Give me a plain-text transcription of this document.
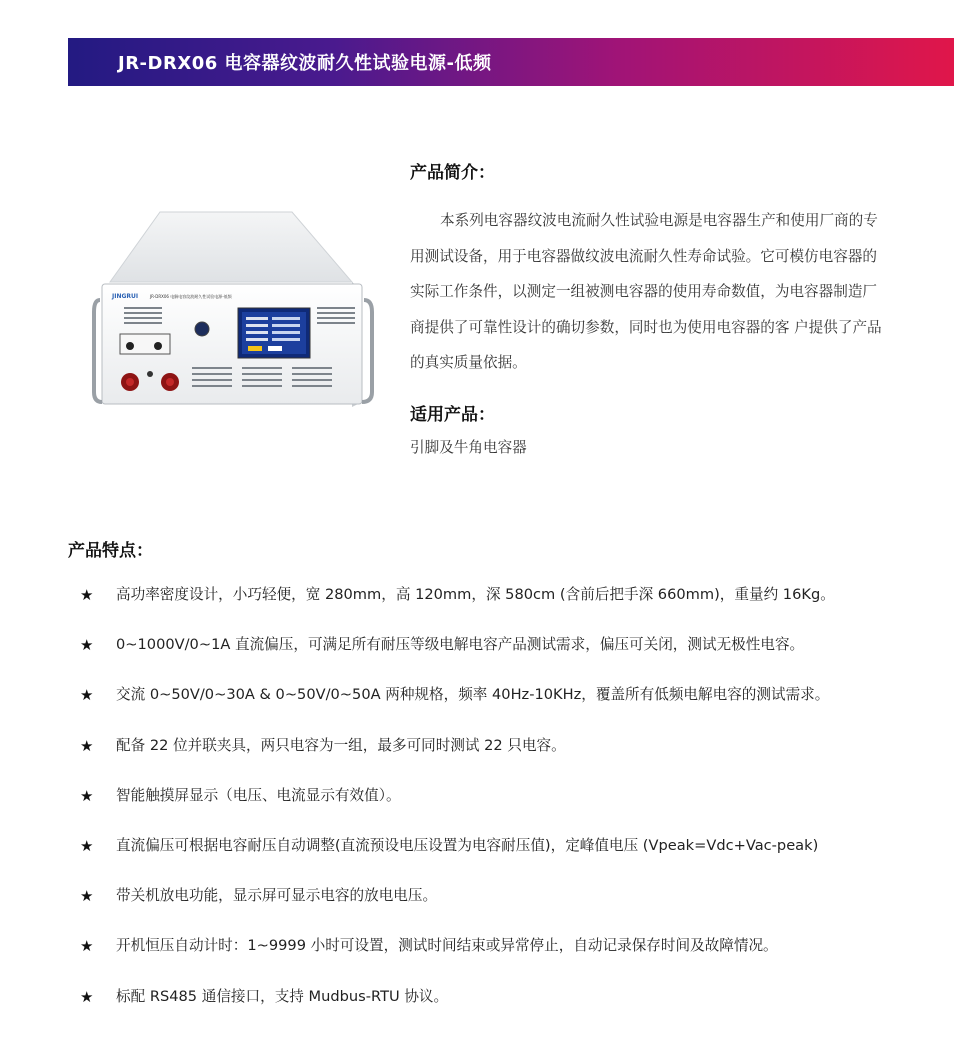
JR-DRX06 电容器纹波耐久性试验电源-低频
JINGRUI	JR-DRX06 电解电容纹波耐久性试验电源-低频
产品简介：
本系列电容器纹波电流耐久性试验电源是电容器生产和使用厂商的专用测试设备，用于电容器做纹波电流耐久性寿命试验。它可模仿电容器的实际工作条件，以测定一组被测电容器的使用寿命数值，为电容器制造厂商提供了可靠性设计的确切参数，同时也为使用电容器的客 户提供了产品的真实质量依据。
适用产品：
引脚及牛角电容器
产品特点：
★	高功率密度设计，小巧轻便，宽 280mm，高 120mm，深 580cm (含前后把手深 660mm)，重量约 16Kg。
★	0~1000V/0~1A 直流偏压，可满足所有耐压等级电解电容产品测试需求，偏压可关闭，测试无极性电容。
★	交流 0~50V/0~30A & 0~50V/0~50A 两种规格，频率 40Hz-10KHz，覆盖所有低频电解电容的测试需求。
★	配备 22 位并联夹具，两只电容为一组，最多可同时测试 22 只电容。
★	智能触摸屏显示（电压、电流显示有效值）。
★	直流偏压可根据电容耐压自动调整(直流预设电压设置为电容耐压值)，定峰值电压 (Vpeak=Vdc+Vac-peak)
★	带关机放电功能，显示屏可显示电容的放电电压。
★	开机恒压自动计时：1~9999 小时可设置，测试时间结束或异常停止，自动记录保存时间及故障情况。
★	标配 RS485 通信接口，支持 Mudbus-RTU 协议。
